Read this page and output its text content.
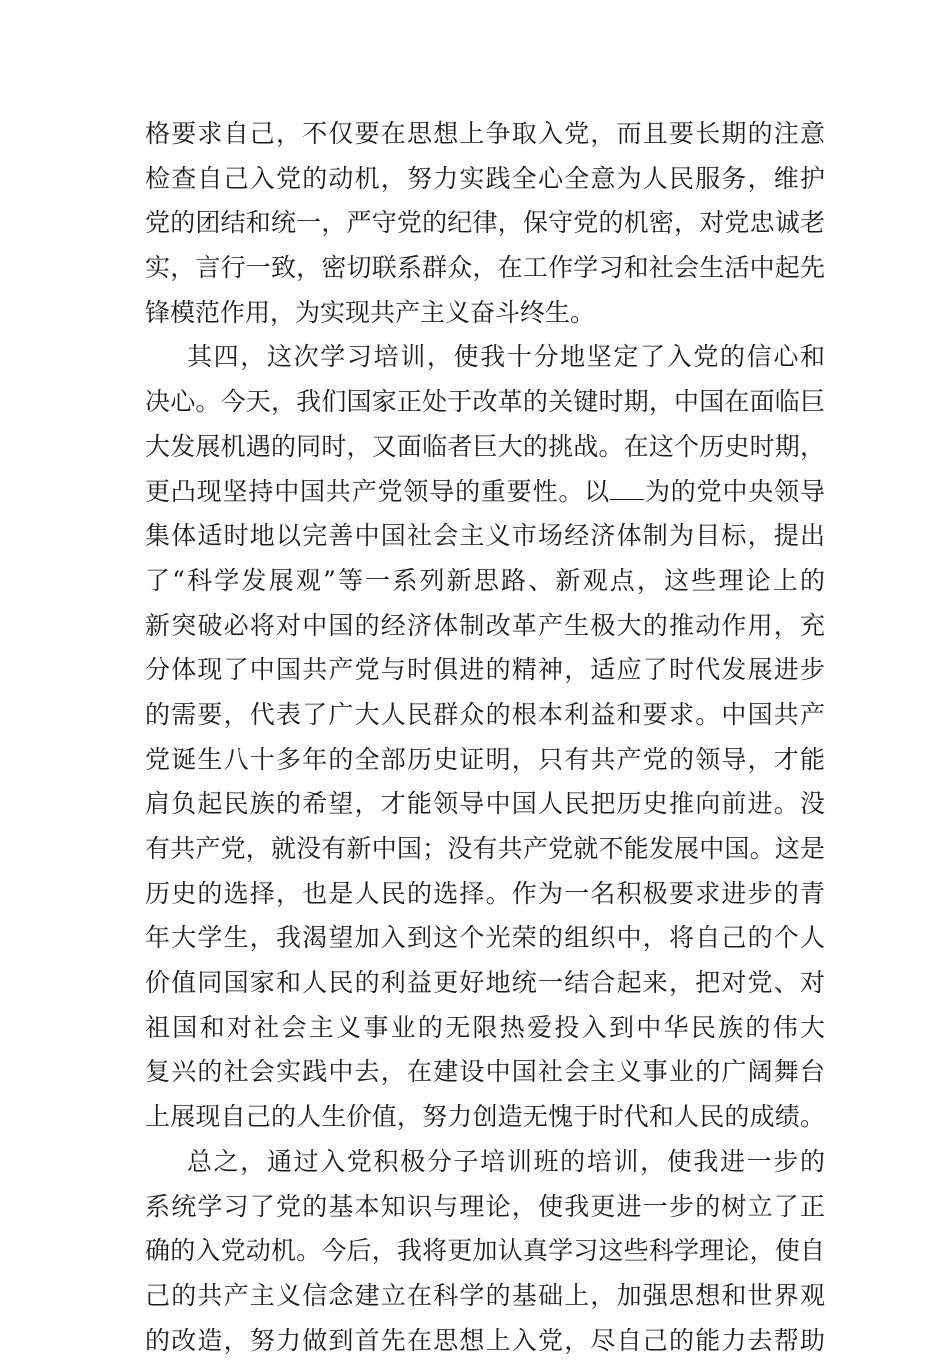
格要求自己，不仅要在思想上争取入党，而且要长期的注意
检查自己入党的动机，努力实践全心全意为人民服务，维护
党的团结和统一，严守党的纪律，保守党的机密，对党忠诚老
实，言行一致，密切联系群众，在工作学习和社会生活中起先
锋模范作用，为实现共产主义奋斗终生。
其四，这次学习培训，使我十分地坚定了入党的信心和
决心。今天，我们国家正处于改革的关键时期，中国在面临巨
大发展机遇的同时，又面临者巨大的挑战。在这个历史时期，
更凸现坚持中国共产党领导的重要性。以 为的党中央领导
集体适时地以完善中国社会主义市场经济体制为目标，提出
了“科学发展观”等一系列新思路、新观点，这些理论上的
新突破必将对中国的经济体制改革产生极大的推动作用，充
分体现了中国共产党与时俱进的精神，适应了时代发展进步
的需要，代表了广大人民群众的根本利益和要求。中国共产
党诞生八十多年的全部历史证明，只有共产党的领导，才能
肩负起民族的希望，才能领导中国人民把历史推向前进。没
有共产党，就没有新中国；没有共产党就不能发展中国。这是
历史的选择，也是人民的选择。作为一名积极要求进步的青
年大学生，我渴望加入到这个光荣的组织中，将自己的个人
价值同国家和人民的利益更好地统一结合起来，把对党、对
祖国和对社会主义事业的无限热爱投入到中华民族的伟大
复兴的社会实践中去，在建设中国社会主义事业的广阔舞台
上展现自己的人生价值，努力创造无愧于时代和人民的成绩。
总之，通过入党积极分子培训班的培训，使我进一步的
系统学习了党的基本知识与理论，使我更进一步的树立了正
确的入党动机。今后，我将更加认真学习这些科学理论，使自
己的共产主义信念建立在科学的基础上，加强思想和世界观
的改造，努力做到首先在思想上入党，尽自己的能力去帮助
